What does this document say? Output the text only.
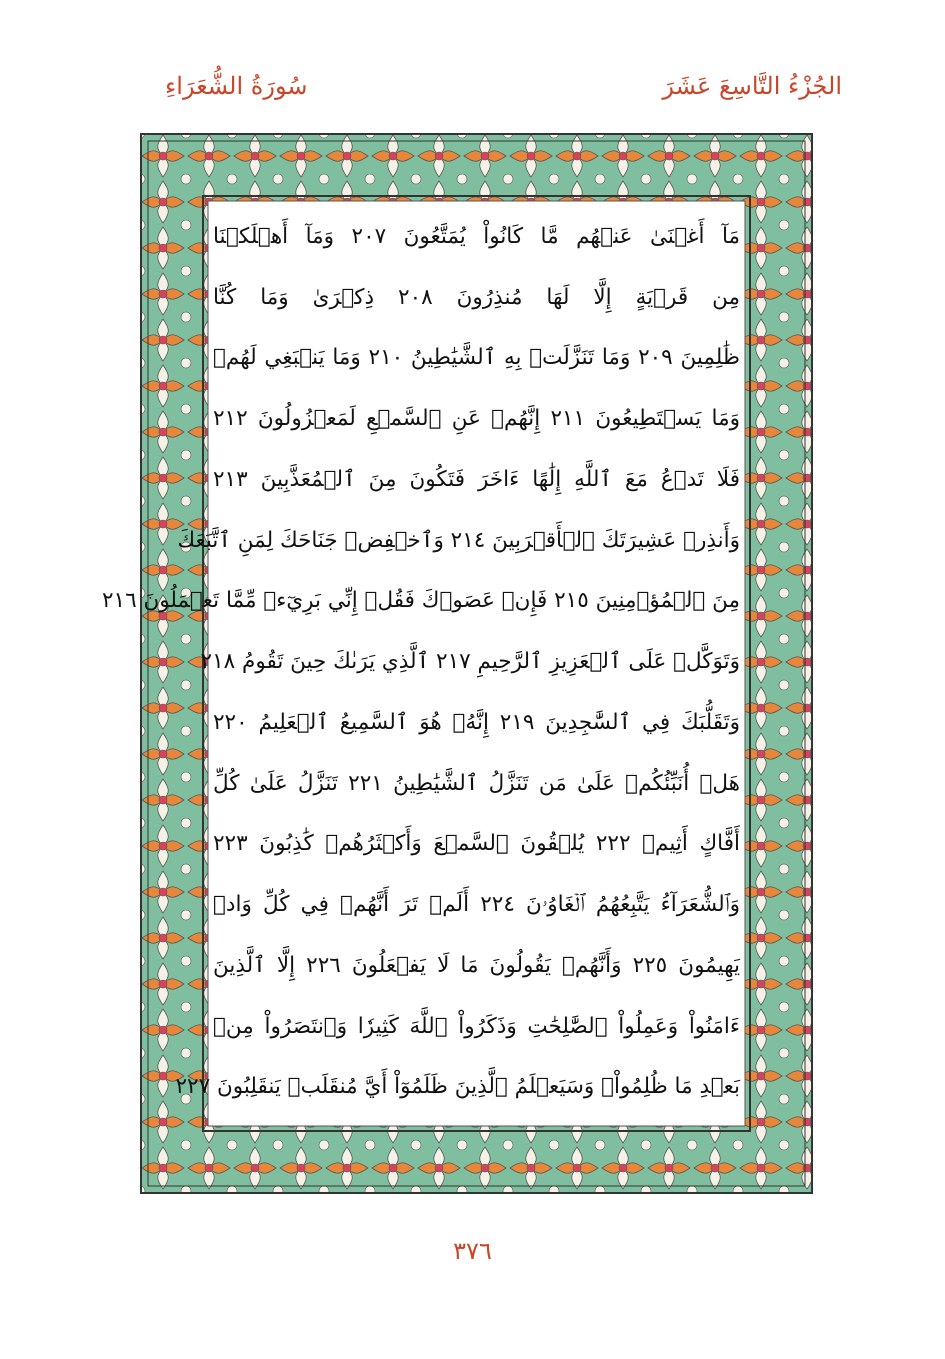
سُورَةُ الشُّعَرَاءِ	الجُزْءُ التَّاسِعَ عَشَرَ
مَآ أَغۡنَىٰ عَنۡهُم مَّا كَانُواْ يُمَتَّعُونَ ٢٠٧ وَمَآ أَهۡلَكۡنَا
مِن قَرۡيَةٍ إِلَّا لَهَا مُنذِرُونَ ٢٠٨ ذِكۡرَىٰ وَمَا كُنَّا
ظَٰلِمِينَ ٢٠٩ وَمَا تَنَزَّلَتۡ بِهِ ٱلشَّيَٰطِينُ ٢١٠ وَمَا يَنۢبَغِي لَهُمۡ
وَمَا يَسۡتَطِيعُونَ ٢١١ إِنَّهُمۡ عَنِ ٱلسَّمۡعِ لَمَعۡزُولُونَ ٢١٢
فَلَا تَدۡعُ مَعَ ٱللَّهِ إِلَٰهًا ءَاخَرَ فَتَكُونَ مِنَ ٱلۡمُعَذَّبِينَ ٢١٣
وَأَنذِرۡ عَشِيرَتَكَ ٱلۡأَقۡرَبِينَ ٢١٤ وَٱخۡفِضۡ جَنَاحَكَ لِمَنِ ٱتَّبَعَكَ
مِنَ ٱلۡمُؤۡمِنِينَ ٢١٥ فَإِنۡ عَصَوۡكَ فَقُلۡ إِنِّي بَرِيٓءٞ مِّمَّا تَعۡمَلُونَ ٢١٦
وَتَوَكَّلۡ عَلَى ٱلۡعَزِيزِ ٱلرَّحِيمِ ٢١٧ ٱلَّذِي يَرَىٰكَ حِينَ تَقُومُ ٢١٨
وَتَقَلُّبَكَ فِي ٱلسَّٰجِدِينَ ٢١٩ إِنَّهُۥ هُوَ ٱلسَّمِيعُ ٱلۡعَلِيمُ ٢٢٠
هَلۡ أُنَبِّئُكُمۡ عَلَىٰ مَن تَنَزَّلُ ٱلشَّيَٰطِينُ ٢٢١ تَنَزَّلُ عَلَىٰ كُلِّ
أَفَّاكٍ أَثِيمٖ ٢٢٢ يُلۡقُونَ ٱلسَّمۡعَ وَأَكۡثَرُهُمۡ كَٰذِبُونَ ٢٢٣
وَٱلشُّعَرَآءُ يَتَّبِعُهُمُ ٱلۡغَاوُۥنَ ٢٢٤ أَلَمۡ تَرَ أَنَّهُمۡ فِي كُلِّ وَادٖ
يَهِيمُونَ ٢٢٥ وَأَنَّهُمۡ يَقُولُونَ مَا لَا يَفۡعَلُونَ ٢٢٦ إِلَّا ٱلَّذِينَ
ءَامَنُواْ وَعَمِلُواْ ٱلصَّٰلِحَٰتِ وَذَكَرُواْ ٱللَّهَ كَثِيرٗا وَٱنتَصَرُواْ مِنۢ
بَعۡدِ مَا ظُلِمُواْۗ وَسَيَعۡلَمُ ٱلَّذِينَ ظَلَمُوٓاْ أَيَّ مُنقَلَبٖ يَنقَلِبُونَ ٢٢٧
٣٧٦
